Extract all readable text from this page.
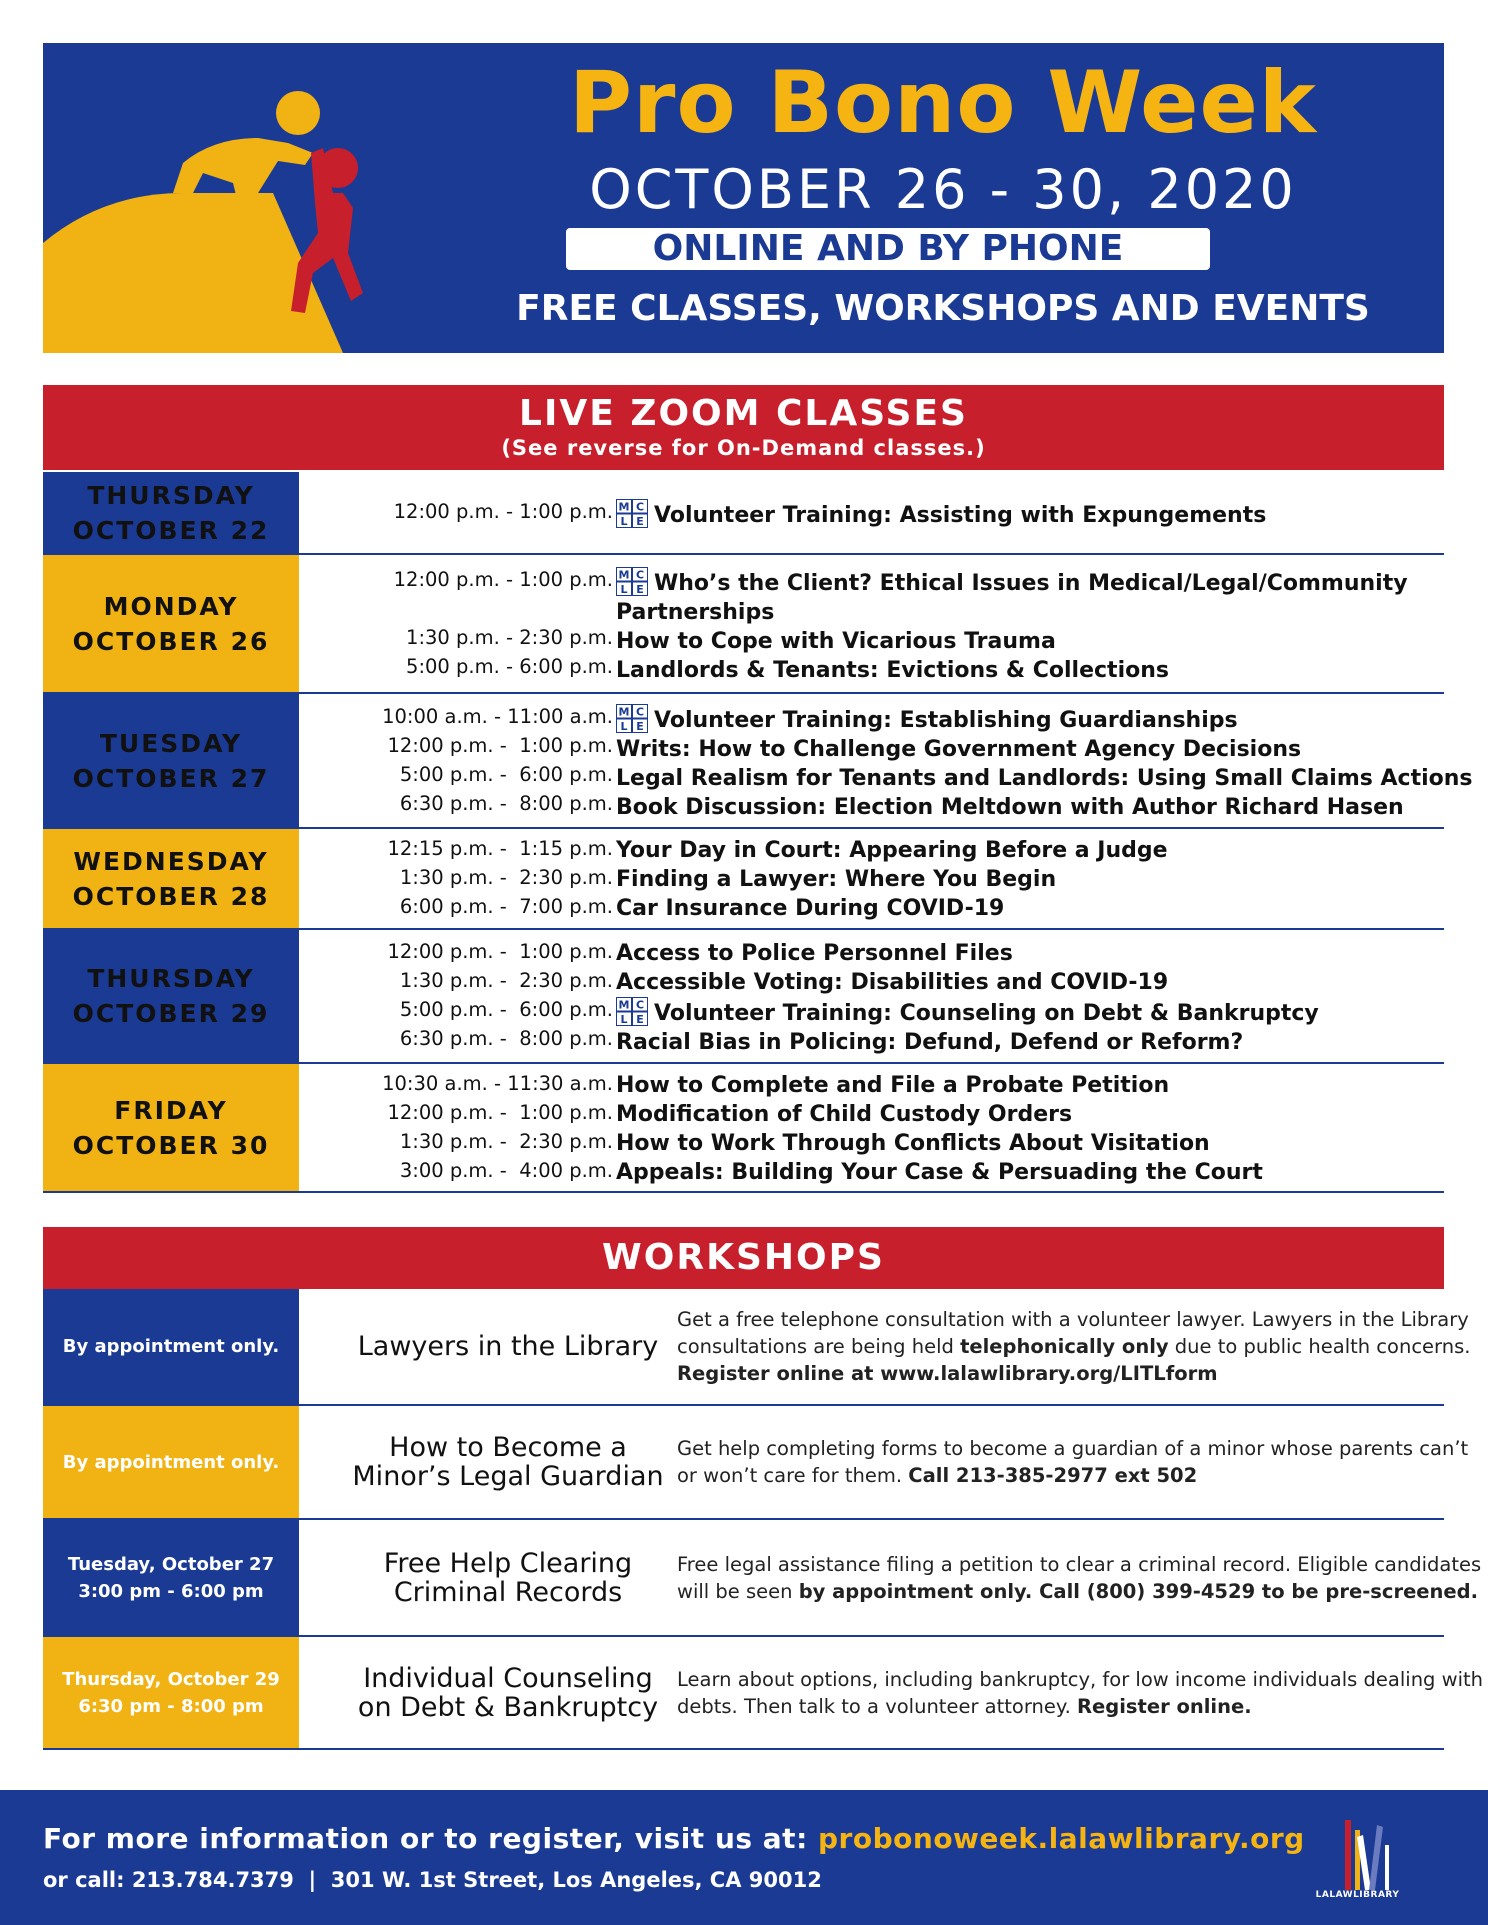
Pro Bono Week
OCTOBER 26 - 30, 2020
ONLINE AND BY PHONE
FREE CLASSES, WORKSHOPS AND EVENTS
LIVE ZOOM CLASSES
(See reverse for On-Demand classes.)
THURSDAY
OCTOBER 22
12:00 p.m. - 1:00 p.m. M C
L E Volunteer Training: Assisting with Expungements
MONDAY
OCTOBER 26
12:00 p.m. - 1:00 p.m.

1:30 p.m. - 2:30 p.m.
5:00 p.m. - 6:00 p.m.
M C
L E Who’s the Client? Ethical Issues in Medical/Legal/Community
Partnerships
How to Cope with Vicarious Trauma
Landlords & Tenants: Evictions & Collections
TUESDAY
OCTOBER 27
10:00 a.m. - 11:00 a.m.
12:00 p.m. -  1:00 p.m.
5:00 p.m. -  6:00 p.m.
6:30 p.m. -  8:00 p.m.
M C
L E Volunteer Training: Establishing Guardianships
Writs: How to Challenge Government Agency Decisions
Legal Realism for Tenants and Landlords: Using Small Claims Actions
Book Discussion: Election Meltdown with Author Richard Hasen
WEDNESDAY
OCTOBER 28
12:15 p.m. -  1:15 p.m.
1:30 p.m. -  2:30 p.m.
6:00 p.m. -  7:00 p.m.
Your Day in Court: Appearing Before a Judge
Finding a Lawyer: Where You Begin
Car Insurance During COVID-19
THURSDAY
OCTOBER 29
12:00 p.m. -  1:00 p.m.
1:30 p.m. -  2:30 p.m.
5:00 p.m. -  6:00 p.m.
6:30 p.m. -  8:00 p.m.
Access to Police Personnel Files
Accessible Voting: Disabilities and COVID-19
M C
L E Volunteer Training: Counseling on Debt & Bankruptcy
Racial Bias in Policing: Defund, Defend or Reform?
FRIDAY
OCTOBER 30
10:30 a.m. - 11:30 a.m.
12:00 p.m. -  1:00 p.m.
1:30 p.m. -  2:30 p.m.
3:00 p.m. -  4:00 p.m.
How to Complete and File a Probate Petition
Modification of Child Custody Orders
How to Work Through Conflicts About Visitation
Appeals: Building Your Case & Persuading the Court
WORKSHOPS
By appointment only.	Lawyers in the Library
Get a free telephone consultation with a volunteer lawyer. Lawyers in the Library consultations are being held telephonically only due to public health concerns. Register online at www.lalawlibrary.org/LITLform
By appointment only.	How to Become a
Minor’s Legal Guardian
Get help completing forms to become a guardian of a minor whose parents can’t or won’t care for them. Call 213-385-2977 ext 502
Tuesday, October 27
3:00 pm - 6:00 pm
Free Help Clearing
Criminal Records
Free legal assistance filing a petition to clear a criminal record. Eligible candidates will be seen by appointment only. Call (800) 399-4529 to be pre-screened.
Thursday, October 29
6:30 pm - 8:00 pm
Individual Counseling
on Debt & Bankruptcy
Learn about options, including bankruptcy, for low income individuals dealing with debts. Then talk to a volunteer attorney. Register online.
For more information or to register, visit us at: probonoweek.lalawlibrary.org
or call: 213.784.7379  |  301 W. 1st Street, Los Angeles, CA 90012
LALAWLIBRARY
